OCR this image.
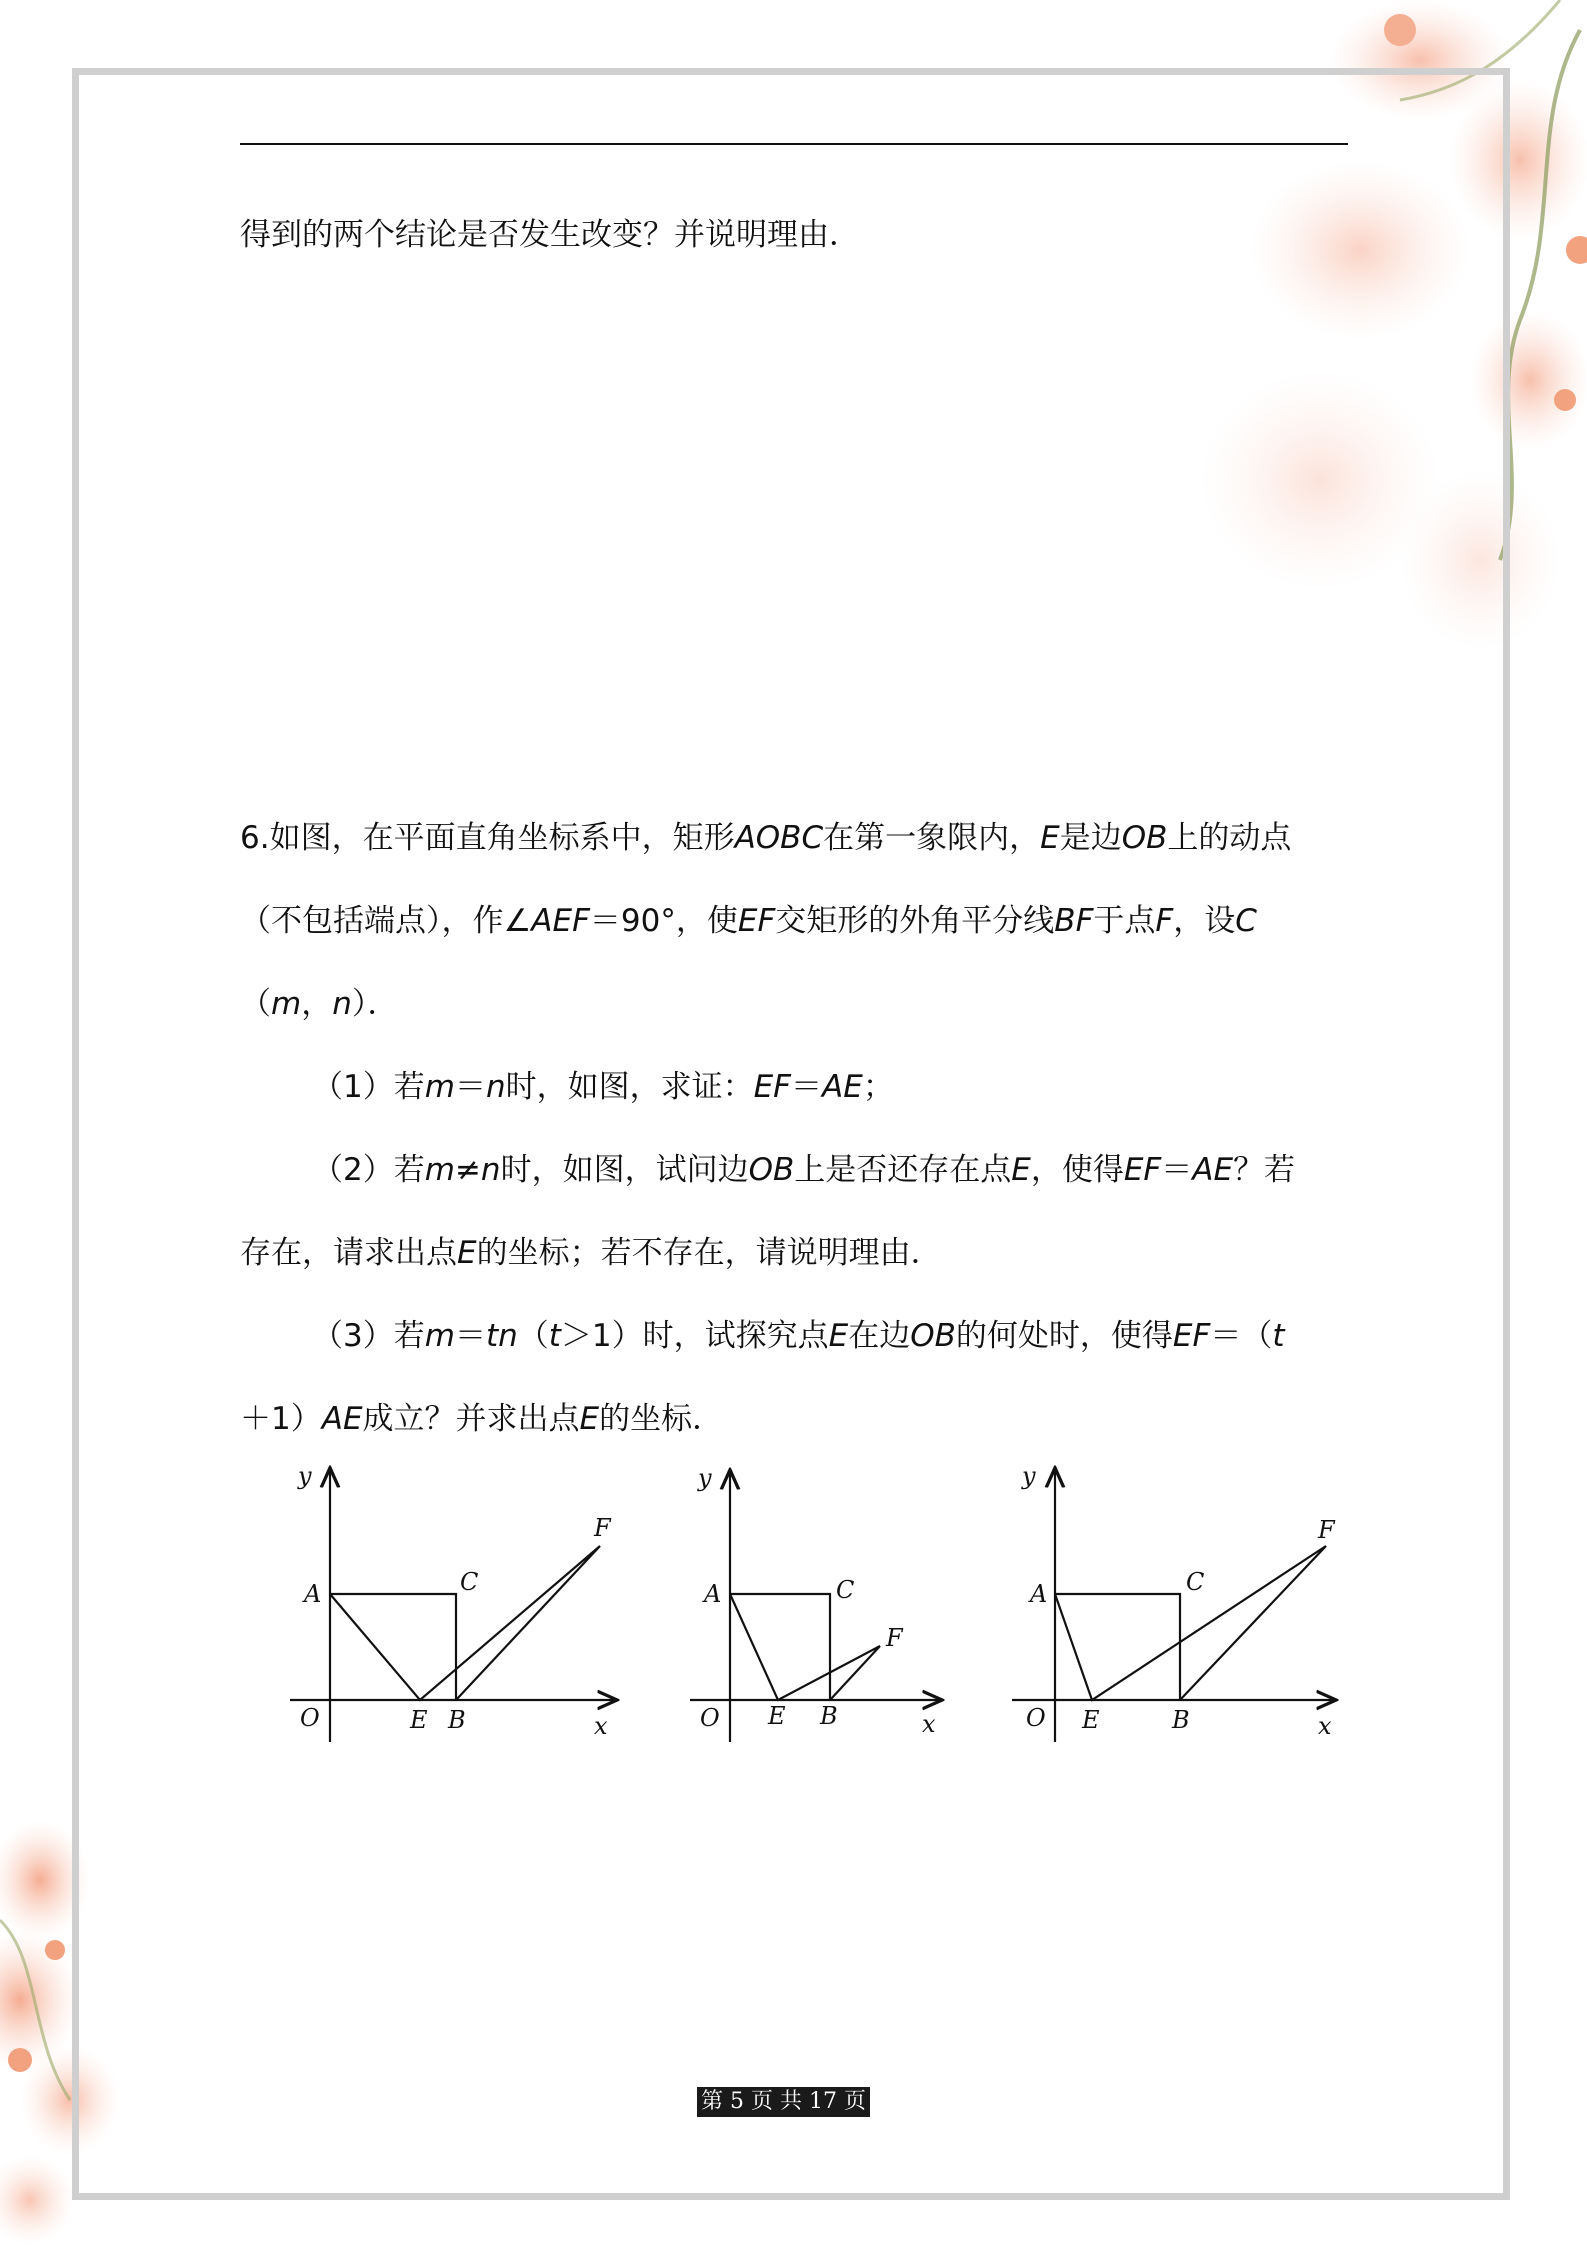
得到的两个结论是否发生改变？并说明理由．
6.如图，在平面直角坐标系中，矩形AOBC在第一象限内，E是边OB上的动点
（不包括端点），作∠AEF＝90°，使EF交矩形的外角平分线BF于点F，设C
（m，n）．
（1）若m＝n时，如图，求证：EF＝AE；
（2）若m≠n时，如图，试问边OB上是否还存在点E，使得EF＝AE？若
存在，请求出点E的坐标；若不存在，请说明理由．
（3）若m＝tn（t＞1）时，试探究点E在边OB的何处时，使得EF＝（t
＋1）AE成立？并求出点E的坐标．
y
A	C
F
O	E B	x
y
A	C
F
O E B	x
y
A	C
F
O E	B	x
第 5 页 共 17 页
